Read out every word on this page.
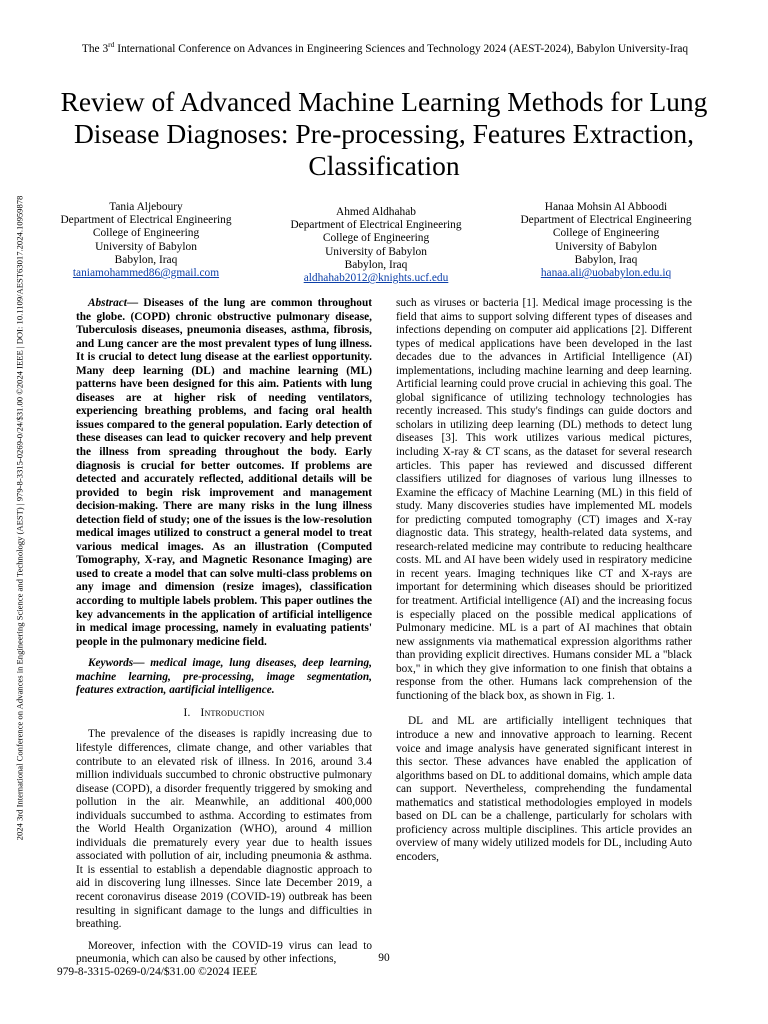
2024 3rd International Conference on Advances in Engineering Science and Technology (AEST) | 979-8-3315-0269-0/24/$31.00 ©2024 IEEE | DOI: 10.1109/AEST63017.2024.10959878
The 3rd International Conference on Advances in Engineering Sciences and Technology 2024 (AEST-2024), Babylon University-Iraq
Review of Advanced Machine Learning Methods for Lung Disease Diagnoses: Pre-processing, Features Extraction, Classification
Tania Aljeboury
Department of Electrical Engineering
College of Engineering
University of Babylon
Babylon, Iraq
taniamohammed86@gmail.com
Ahmed Aldhahab
Department of Electrical Engineering
College of Engineering
University of Babylon
Babylon, Iraq
aldhahab2012@knights.ucf.edu
Hanaa Mohsin Al Abboodi
Department of Electrical Engineering
College of Engineering
University of Babylon
Babylon, Iraq
hanaa.ali@uobabylon.edu.iq

Abstract— Diseases of the lung are common throughout the globe. (COPD) chronic obstructive pulmonary disease, Tuberculosis diseases, pneumonia diseases, asthma, fibrosis, and Lung cancer are the most prevalent types of lung illness. It is crucial to detect lung disease at the earliest opportunity. Many deep learning (DL) and machine learning (ML) patterns have been designed for this aim. Patients with lung diseases are at higher risk of needing ventilators, experiencing breathing problems, and facing oral health issues compared to the general population. Early detection of these diseases can lead to quicker recovery and help prevent the illness from spreading throughout the body. Early diagnosis is crucial for better outcomes. If problems are detected and accurately reflected, additional details will be provided to begin risk improvement and management decision-making. There are many risks in the lung illness detection field of study; one of the issues is the low-resolution medical images utilized to construct a general model to treat various medical images. As an illustration (Computed Tomography, X-ray, and Magnetic Resonance Imaging) are used to create a model that can solve multi-class problems on any image and dimension (resize images), classification according to multiple labels problem. This paper outlines the key advancements in the application of artificial intelligence in medical image processing, namely in evaluating patients' people in the pulmonary medicine field.

Keywords— medical image, lung diseases, deep learning, machine learning, pre-processing, image segmentation, features extraction, aartificial intelligence.

I. Introduction

The prevalence of the diseases is rapidly increasing due to lifestyle differences, climate change, and other variables that contribute to an elevated risk of illness. In 2016, around 3.4 million individuals succumbed to chronic obstructive pulmonary disease (COPD), a disorder frequently triggered by smoking and pollution in the air. Meanwhile, an additional 400,000 individuals succumbed to asthma. According to estimates from the World Health Organization (WHO), around 4 million individuals die prematurely every year due to health issues associated with pollution of air, including pneumonia & asthma. It is essential to establish a dependable diagnostic approach to aid in discovering lung illnesses. Since late December 2019, a recent coronavirus disease 2019 (COVID-19) outbreak has been resulting in significant damage to the lungs and difficulties in breathing.

Moreover, infection with the COVID-19 virus can lead to pneumonia, which can also be caused by other infections,

such as viruses or bacteria [1]. Medical image processing is the field that aims to support solving different types of diseases and infections depending on computer aid applications [2]. Different types of medical applications have been developed in the last decades due to the advances in Artificial Intelligence (AI) implementations, including machine learning and deep learning. Artificial learning could prove crucial in achieving this goal. The global significance of utilizing technology technologies has recently increased. This study's findings can guide doctors and scholars in utilizing deep learning (DL) methods to detect lung diseases [3]. This work utilizes various medical pictures, including X-ray & CT scans, as the dataset for several research articles. This paper has reviewed and discussed different classifiers utilized for diagnoses of various lung illnesses to Examine the efficacy of Machine Learning (ML) in this field of study. Many discoveries studies have implemented ML models for predicting computed tomography (CT) images and X-ray diagnostic data. This strategy, health-related data systems, and research-related medicine may contribute to reducing healthcare costs. ML and AI have been widely used in respiratory medicine in recent years. Imaging techniques like CT and X-rays are important for determining which diseases should be prioritized for treatment. Artificial intelligence (AI) and the increasing focus is especially placed on the possible medical applications of Pulmonary medicine. ML is a part of AI machines that obtain new assignments via mathematical expression algorithms rather than providing explicit directives. Humans consider ML a "black box," in which they give information to one finish that obtains a response from the other. Humans lack comprehension of the functioning of the black box, as shown in Fig. 1.

DL and ML are artificially intelligent techniques that introduce a new and innovative approach to learning. Recent voice and image analysis have generated significant interest in this sector. These advances have enabled the application of algorithms based on DL to additional domains, which ample data can support. Nevertheless, comprehending the fundamental mathematics and statistical methodologies employed in models based on DL can be a challenge, particularly for scholars with proficiency across multiple disciplines. This article provides an overview of many widely utilized models for DL, including Auto encoders,

90
979-8-3315-0269-0/24/$31.00 ©2024 IEEE
